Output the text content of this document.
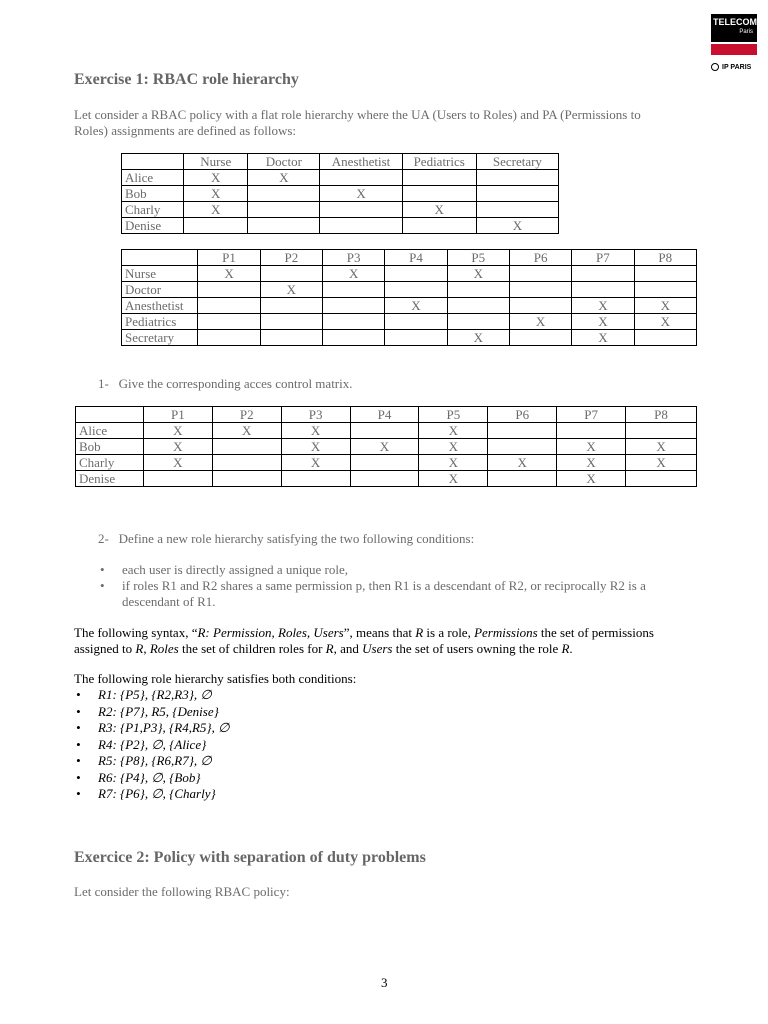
TELECOM
Paris
IP PARIS
Exercise 1: RBAC role hierarchy
Let consider a RBAC policy with a flat role hierarchy where the UA (Users to Roles) and PA (Permissions to
Roles) assignments are defined as follows:
	Nurse	Doctor	Anesthetist	Pediatrics	Secretary
Alice	X	X			
Bob	X		X		
Charly	X			X	
Denise					X
	P1	P2	P3	P4	P5	P6	P7	P8
Nurse	X		X		X			
Doctor		X						
Anesthetist				X			X	X
Pediatrics						X	X	X
Secretary					X		X	
1-   Give the corresponding acces control matrix.
	P1	P2	P3	P4	P5	P6	P7	P8
Alice	X	X	X		X			
Bob	X		X	X	X		X	X
Charly	X		X		X	X	X	X
Denise					X		X	
2-   Define a new role hierarchy satisfying the two following conditions:
• each user is directly assigned a unique role,
• if roles R1 and R2 shares a same permission p, then R1 is a descendant of R2, or reciprocally R2 is a descendant of R1.
The following syntax, “R: Permission, Roles, Users”, means that R is a role, Permissions the set of permissions assigned to R, Roles the set of children roles for R, and Users the set of users owning the role R.
The following role hierarchy satisfies both conditions:
• R1: {P5}, {R2,R3}, ∅
• R2: {P7}, R5, {Denise}
• R3: {P1,P3}, {R4,R5}, ∅
• R4: {P2}, ∅, {Alice}
• R5: {P8}, {R6,R7}, ∅
• R6: {P4}, ∅, {Bob}
• R7: {P6}, ∅, {Charly}
Exercice 2: Policy with separation of duty problems
Let consider the following RBAC policy:
3
